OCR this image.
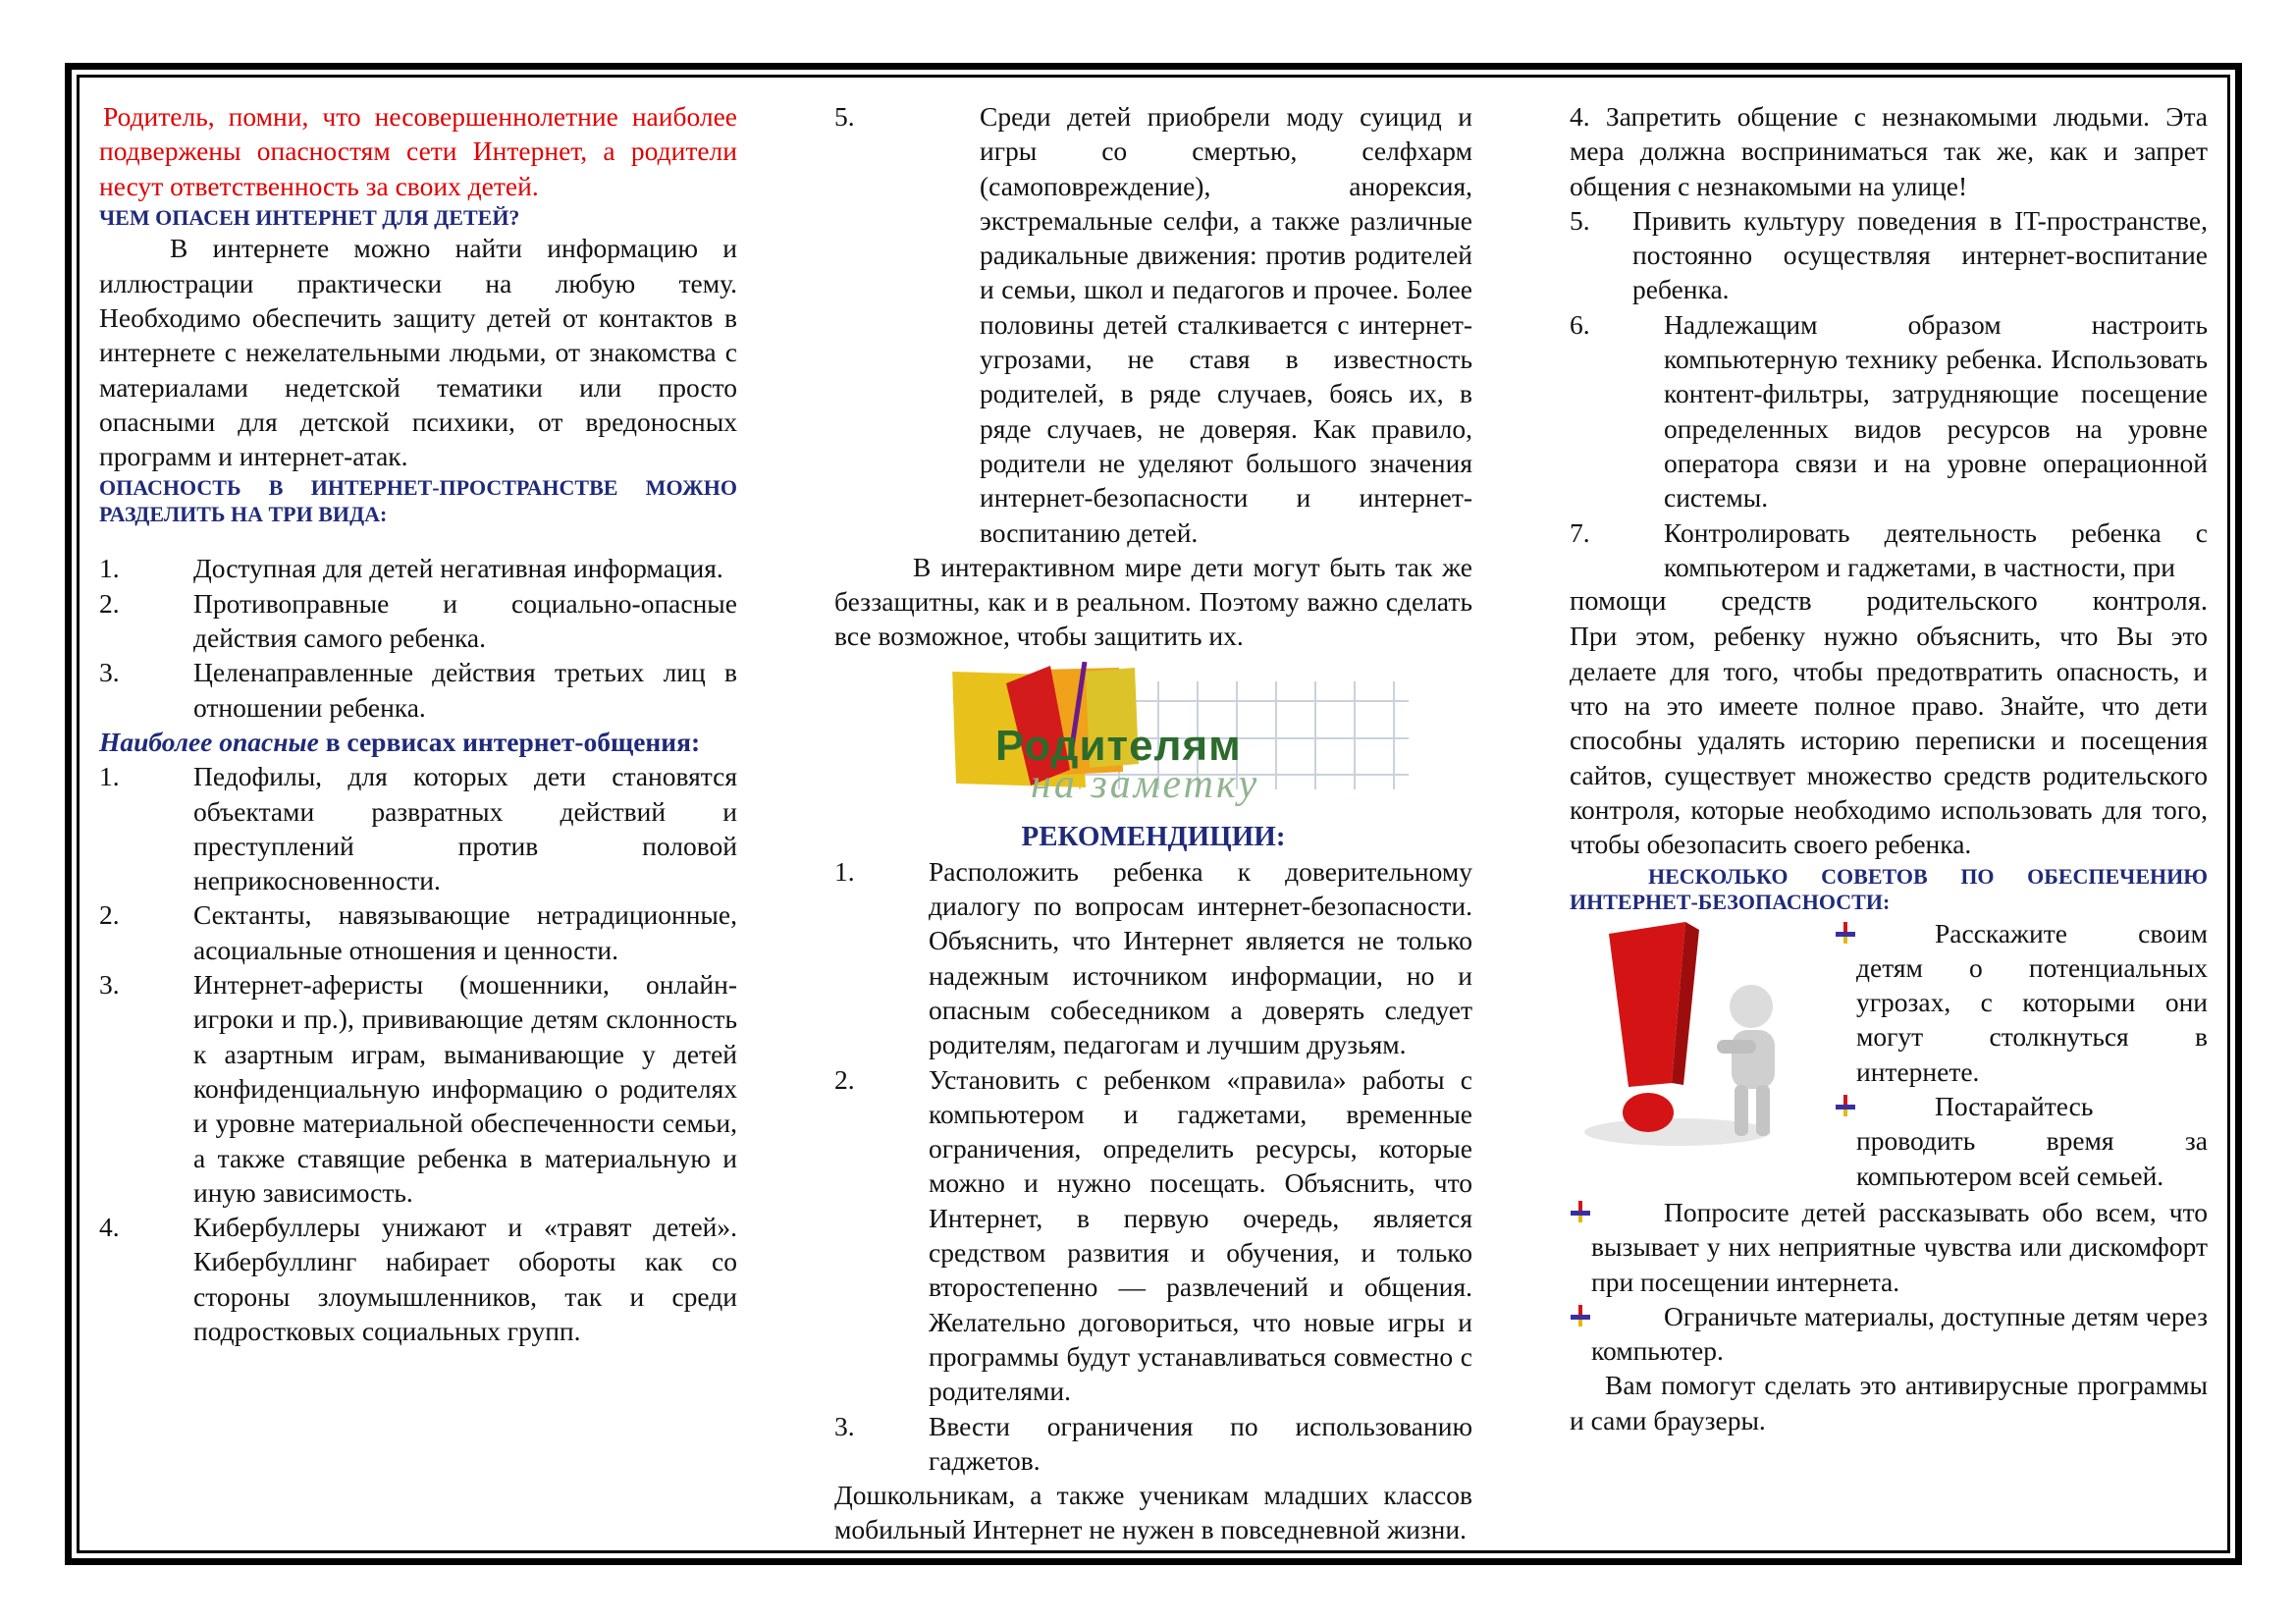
Родитель, помни, что несовершеннолетние наиболее подвержены опасностям сети Интернет, а родители несут ответственность за своих детей.

ЧЕМ ОПАСЕН ИНТЕРНЕТ ДЛЯ ДЕТЕЙ?

В интернете можно найти информацию и иллюстрации практически на любую тему. Необходимо обеспечить защиту детей от контактов в интернете с нежелательными людьми, от знакомства с материалами недетской тематики или просто опасными для детской психики, от вредоносных программ и интернет-атак.

ОПАСНОСТЬ В ИНТЕРНЕТ-ПРОСТРАНСТВЕ МОЖНО РАЗДЕЛИТЬ НА ТРИ ВИДА:

1.	Доступная для детей негативная информация.
2.	Противоправные и социально-опасные действия самого ребенка.
3.	Целенаправленные действия третьих лиц в отношении ребенка.

Наиболее опасные в сервисах интернет-общения:

1.	Педофилы, для которых дети становятся объектами развратных действий и преступлений против половой неприкосновенности.
2.	Сектанты, навязывающие нетрадиционные, асоциальные отношения и ценности.
3.	Интернет-аферисты (мошенники, онлайн-игроки и пр.), прививающие детям склонность к азартным играм, выманивающие у детей конфиденциальную информацию о родителях и уровне материальной обеспеченности семьи, а также ставящие ребенка в материальную и иную зависимость.
4.	Кибербуллеры унижают и «травят детей». Кибербуллинг набирает обороты как со стороны злоумышленников, так и среди подростковых социальных групп.
5.	Среди детей приобрели моду суицид и игры со смертью, селфхарм (самоповреждение), анорексия, экстремальные селфи, а также различные радикальные движения: против родителей и семьи, школ и педагогов и прочее. Более половины детей сталкивается с интернет-угрозами, не ставя в известность родителей, в ряде случаев, боясь их, в ряде случаев, не доверяя. Как правило, родители не уделяют большого значения интернет-безопасности и интернет-воспитанию детей.

В интерактивном мире дети могут быть так же беззащитны, как и в реальном. Поэтому важно сделать все возможное, чтобы защитить их.

Родителям
на заметку

РЕКОМЕНДИЦИИ:

1.	Расположить ребенка к доверительному диалогу по вопросам интернет-безопасности. Объяснить, что Интернет является не только надежным источником информации, но и опасным собеседником а доверять следует родителям, педагогам и лучшим друзьям.
2.	Установить с ребенком «правила» работы с компьютером и гаджетами, временные ограничения, определить ресурсы, которые можно и нужно посещать. Объяснить, что Интернет, в первую очередь, является средством развития и обучения, и только второстепенно — развлечений и общения. Желательно договориться, что новые игры и программы будут устанавливаться совместно с родителями.
3.	Ввести ограничения по использованию гаджетов.

Дошкольникам, а также ученикам младших классов мобильный Интернет не нужен в повседневной жизни.

4. Запретить общение с незнакомыми людьми. Эта мера должна восприниматься так же, как и запрет общения с незнакомыми на улице!
5.	Привить культуру поведения в IT-пространстве, постоянно осуществляя интернет-воспитание ребенка.
6.	Надлежащим образом настроить компьютерную технику ребенка. Использовать контент-фильтры, затрудняющие посещение определенных видов ресурсов на уровне оператора связи и на уровне операционной системы.
7.	Контролировать деятельность ребенка с компьютером и гаджетами, в частности, при

помощи средств родительского контроля.

При этом, ребенку нужно объяснить, что Вы это делаете для того, чтобы предотвратить опасность, и что на это имеете полное право. Знайте, что дети способны удалять историю переписки и посещения сайтов, существует множество средств родительского контроля, которые необходимо использовать для того, чтобы обезопасить своего ребенка.

НЕСКОЛЬКО СОВЕТОВ ПО ОБЕСПЕЧЕНИЮ ИНТЕРНЕТ-БЕЗОПАСНОСТИ:

Расскажите своим детям о потенциальных угрозах, с которыми они могут столкнуться в интернете.
Постарайтесь проводить время за компьютером всей семьей.
Попросите детей рассказывать обо всем, что вызывает у них неприятные чувства или дискомфорт при посещении интернета.
Ограничьте материалы, доступные детям через компьютер.

Вам помогут сделать это антивирусные программы и сами браузеры.
